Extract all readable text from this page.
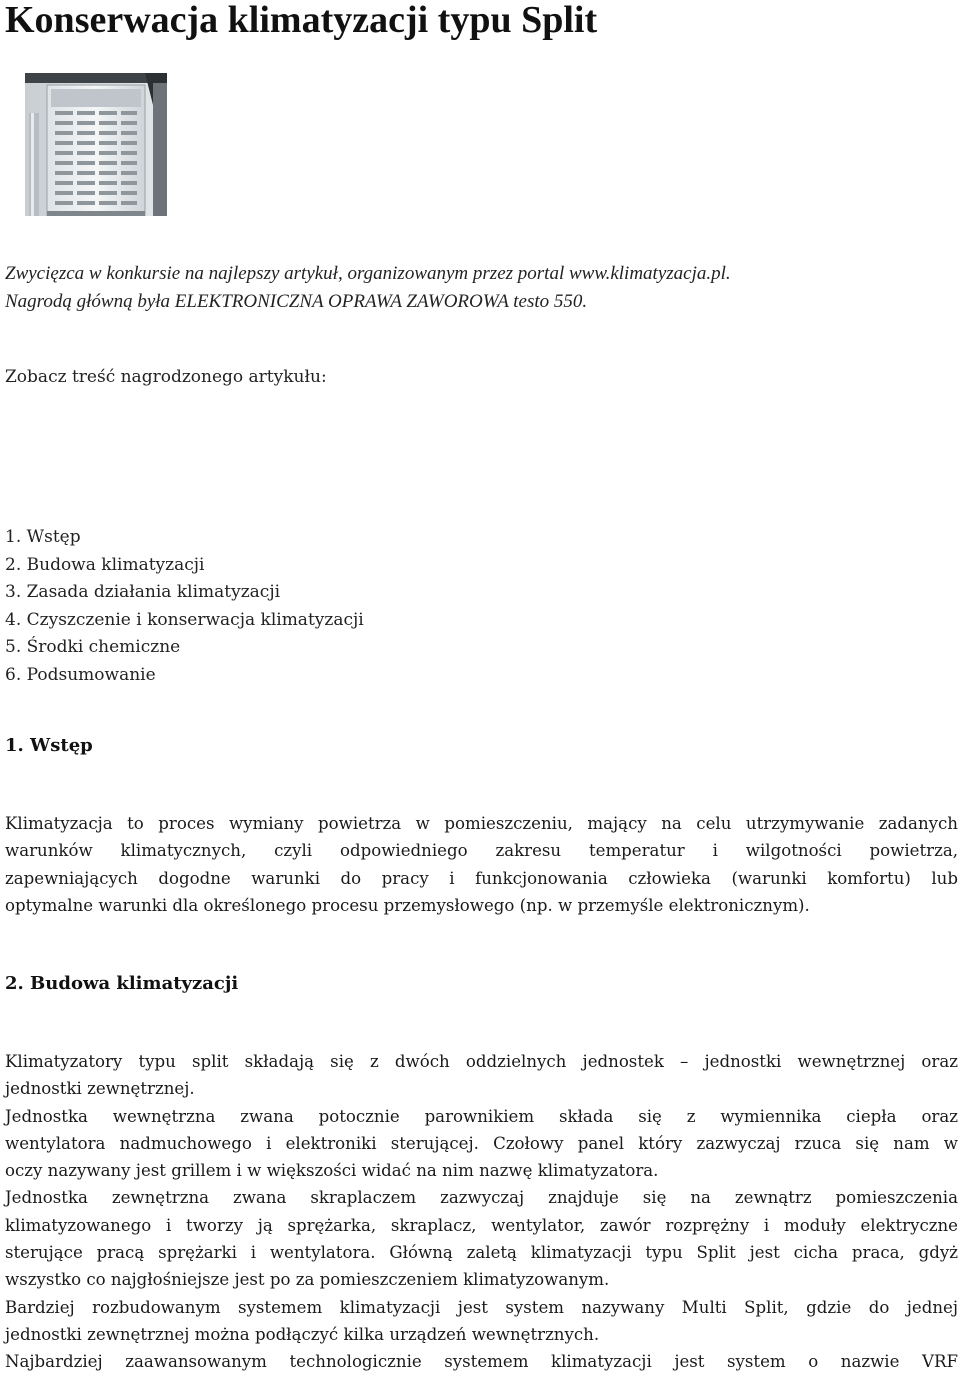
Konserwacja klimatyzacji typu Split

Zwycięzca w konkursie na najlepszy artykuł, organizowanym przez portal www.klimatyzacja.pl.

Nagrodą główną była ELEKTRONICZNA OPRAWA ZAWOROWA testo 550.

Zobacz treść nagrodzonego artykułu:
1. Wstęp
2. Budowa klimatyzacji
3. Zasada działania klimatyzacji
4. Czyszczenie i konserwacja klimatyzacji
5. Środki chemiczne
6. Podsumowanie
1. Wstęp
Klimatyzacja to proces wymiany powietrza w pomieszczeniu, mający na celu utrzymywanie zadanych
warunków klimatycznych, czyli odpowiedniego zakresu temperatur i wilgotności powietrza,
zapewniających dogodne warunki do pracy i funkcjonowania człowieka (warunki komfortu) lub
optymalne warunki dla określonego procesu przemysłowego (np. w przemyśle elektronicznym).
2. Budowa klimatyzacji
Klimatyzatory typu split składają się z dwóch oddzielnych jednostek – jednostki wewnętrznej oraz
jednostki zewnętrznej.
Jednostka wewnętrzna zwana potocznie parownikiem składa się z wymiennika ciepła oraz
wentylatora nadmuchowego i elektroniki sterującej. Czołowy panel który zazwyczaj rzuca się nam w
oczy nazywany jest grillem i w większości widać na nim nazwę klimatyzatora.
Jednostka zewnętrzna zwana skraplaczem zazwyczaj znajduje się na zewnątrz pomieszczenia
klimatyzowanego i tworzy ją sprężarka, skraplacz, wentylator, zawór rozprężny i moduły elektryczne
sterujące pracą sprężarki i wentylatora. Główną zaletą klimatyzacji typu Split jest cicha praca, gdyż
wszystko co najgłośniejsze jest po za pomieszczeniem klimatyzowanym.
Bardziej rozbudowanym systemem klimatyzacji jest system nazywany Multi Split, gdzie do jednej
jednostki zewnętrznej można podłączyć kilka urządzeń wewnętrznych.
Najbardziej zaawansowanym technologicznie systemem klimatyzacji jest system o nazwie VRF
